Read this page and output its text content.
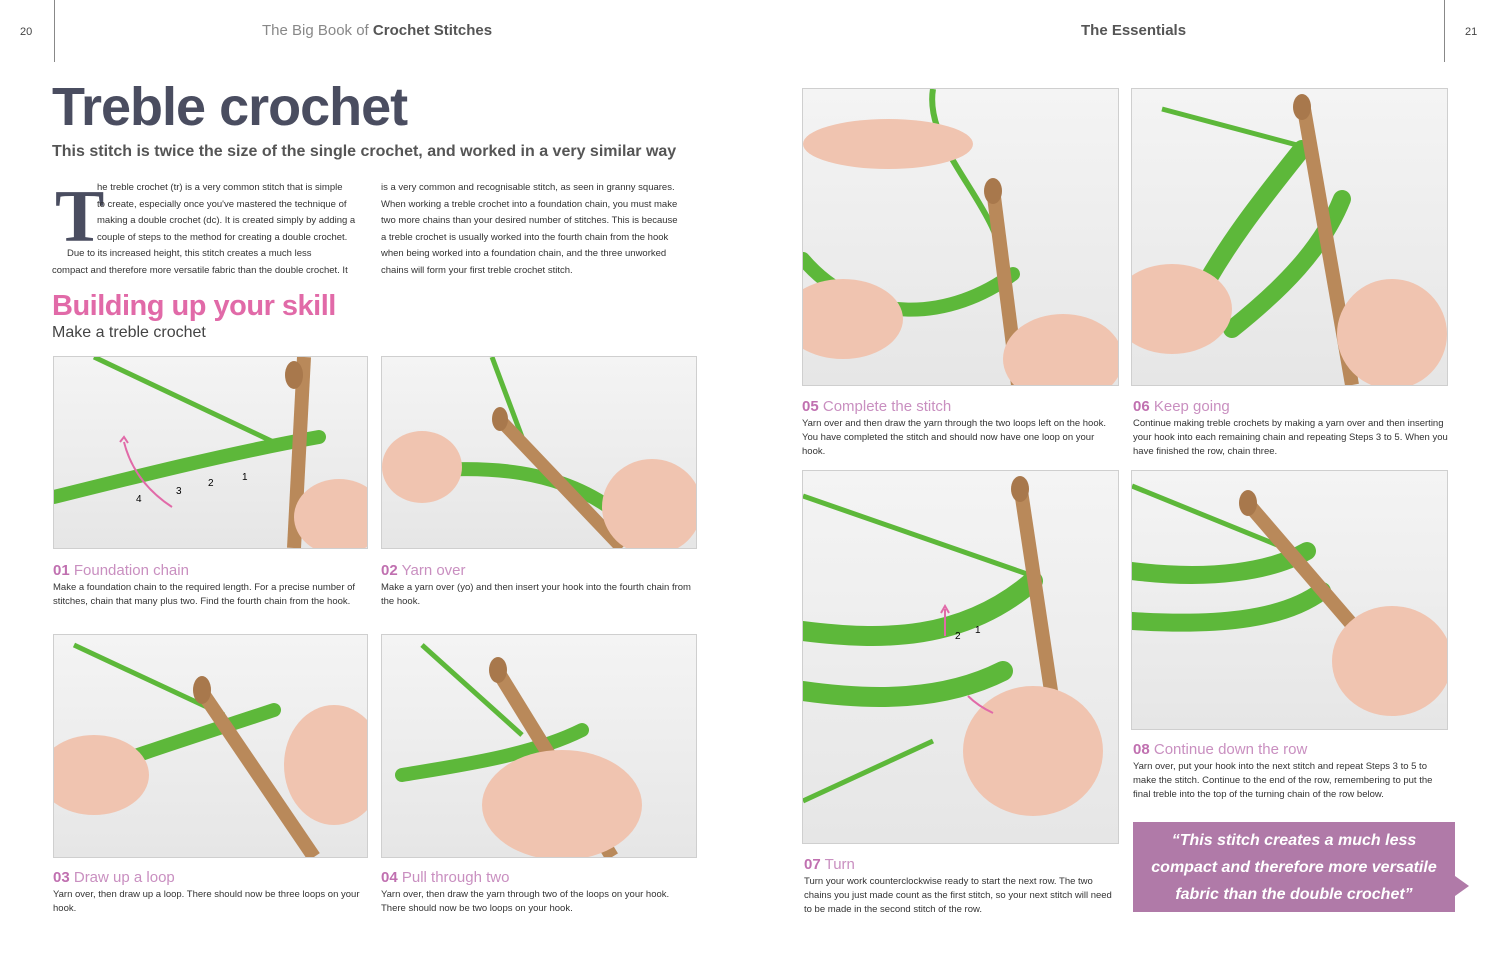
20	The Big Book of Crochet Stitches	The Essentials	21
Treble crochet
This stitch is twice the size of the single crochet, and worked in a very similar way
T
he treble crochet (tr) is a very common stitch that is simple
to create, especially once you've mastered the technique of
making a double crochet (dc). It is created simply by adding a
couple of steps to the method for creating a double crochet.
Due to its increased height, this stitch creates a much less
compact and therefore more versatile fabric than the double crochet. It
is a very common and recognisable stitch, as seen in granny squares.
When working a treble crochet into a foundation chain, you must make
two more chains than your desired number of stitches. This is because
a treble crochet is usually worked into the fourth chain from the hook
when being worked into a foundation chain, and the three unworked
chains will form your first treble crochet stitch.
Building up your skill
Make a treble crochet
1
2
3
4
01 Foundation chain
Make a foundation chain to the required length. For a precise number of stitches, chain that many plus two. Find the fourth chain from the hook.
02 Yarn over
Make a yarn over (yo) and then insert your hook into the fourth chain from the hook.
03 Draw up a loop
Yarn over, then draw up a loop. There should now be three loops on your hook.
04 Pull through two
Yarn over, then draw the yarn through two of the loops on your hook. There should now be two loops on your hook.
05 Complete the stitch
Yarn over and then draw the yarn through the two loops left on the hook. You have completed the stitch and should now have one loop on your hook.
06 Keep going
Continue making treble crochets by making a yarn over and then inserting your hook into each remaining chain and repeating Steps 3 to 5. When you have finished the row, chain three.
1
2
07 Turn
Turn your work counterclockwise ready to start the next row. The two chains you just made count as the first stitch, so your next stitch will need to be made in the second stitch of the row.
08 Continue down the row
Yarn over, put your hook into the next stitch and repeat Steps 3 to 5 to make the stitch. Continue to the end of the row, remembering to put the final treble into the top of the turning chain of the row below.
“This stitch creates a much less compact and therefore more versatile fabric than the double crochet”
